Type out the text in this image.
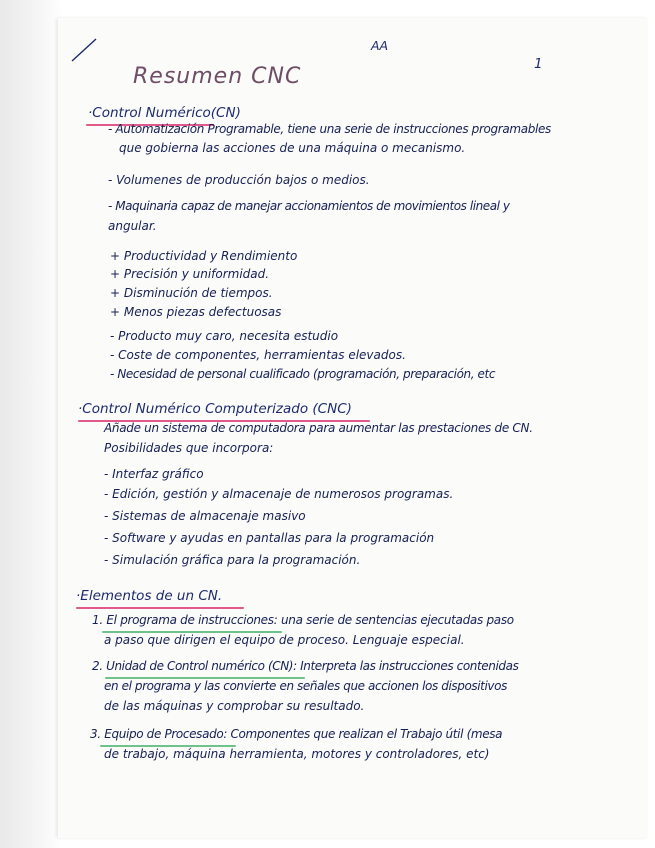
AA
1
Resumen CNC
·Control Numérico(CN)
- Automatización Programable, tiene una serie de instrucciones programables
que gobierna las acciones de una máquina o mecanismo.
- Volumenes de producción bajos o medios.
- Maquinaria capaz de manejar accionamientos de movimientos lineal y
angular.
+ Productividad y Rendimiento
+ Precisión y uniformidad.
+ Disminución de tiempos.
+ Menos piezas defectuosas
- Producto muy caro, necesita estudio
- Coste de componentes, herramientas elevados.
- Necesidad de personal cualificado (programación, preparación, etc
·Control Numérico Computerizado (CNC)
Añade un sistema de computadora para aumentar las prestaciones de CN.
Posibilidades que incorpora:
- Interfaz gráfico
- Edición, gestión y almacenaje de numerosos programas.
- Sistemas de almacenaje masivo
- Software y ayudas en pantallas para la programación
- Simulación gráfica para la programación.
·Elementos de un CN.
1. El programa de instrucciones: una serie de sentencias ejecutadas paso
a paso que dirigen el equipo de proceso. Lenguaje especial.
2. Unidad de Control numérico (CN): Interpreta las instrucciones contenidas
en el programa y las convierte en señales que accionen los dispositivos
de las máquinas y comprobar su resultado.
3. Equipo de Procesado: Componentes que realizan el Trabajo útil (mesa
de trabajo, máquina herramienta, motores y controladores, etc)
